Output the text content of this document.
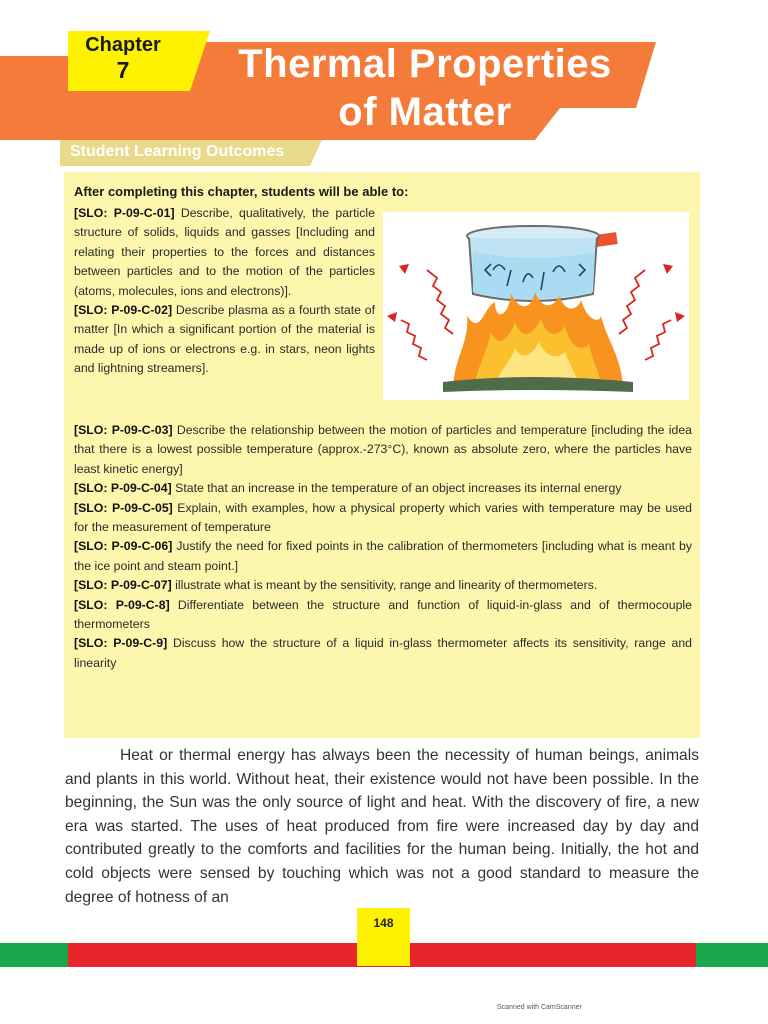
Chapter
7	Thermal Properties
of Matter
Student Learning Outcomes
After completing this chapter, students will be able to:
[SLO: P-09-C-01] Describe, qualitatively, the particle structure of solids, liquids and gasses [Including and relating their properties to the forces and distances between particles and to the motion of the particles (atoms, molecules, ions and electrons)].
[SLO: P-09-C-02] Describe plasma as a fourth state of matter [In which a significant portion of the material is made up of ions or electrons e.g. in stars, neon lights and lightning streamers].
[SLO: P-09-C-03] Describe the relationship between the motion of particles and temperature [including the idea that there is a lowest possible temperature (approx.-273°C), known as absolute zero, where the particles have least kinetic energy]
[SLO: P-09-C-04] State that an increase in the temperature of an object increases its internal energy
[SLO: P-09-C-05] Explain, with examples, how a physical property which varies with temperature may be used for the measurement of temperature
[SLO: P-09-C-06] Justify the need for fixed points in the calibration of thermometers [including what is meant by the ice point and steam point.]
[SLO: P-09-C-07] illustrate what is meant by the sensitivity, range and linearity of thermometers.
[SLO: P-09-C-8] Differentiate between the structure and function of liquid-in-glass and of thermocouple thermometers
[SLO: P-09-C-9] Discuss how the structure of a liquid in-glass thermometer affects its sensitivity, range and linearity
Heat or thermal energy has always been the necessity of human beings, animals and plants in this world. Without heat, their existence would not have been possible. In the beginning, the Sun was the only source of light and heat. With the discovery of fire, a new era was started. The uses of heat produced from fire were increased day by day and contributed greatly to the comforts and facilities for the human being. Initially, the hot and cold objects were sensed by touching which was not a good standard to measure the degree of hotness of an
148
Scanned with CamScanner
